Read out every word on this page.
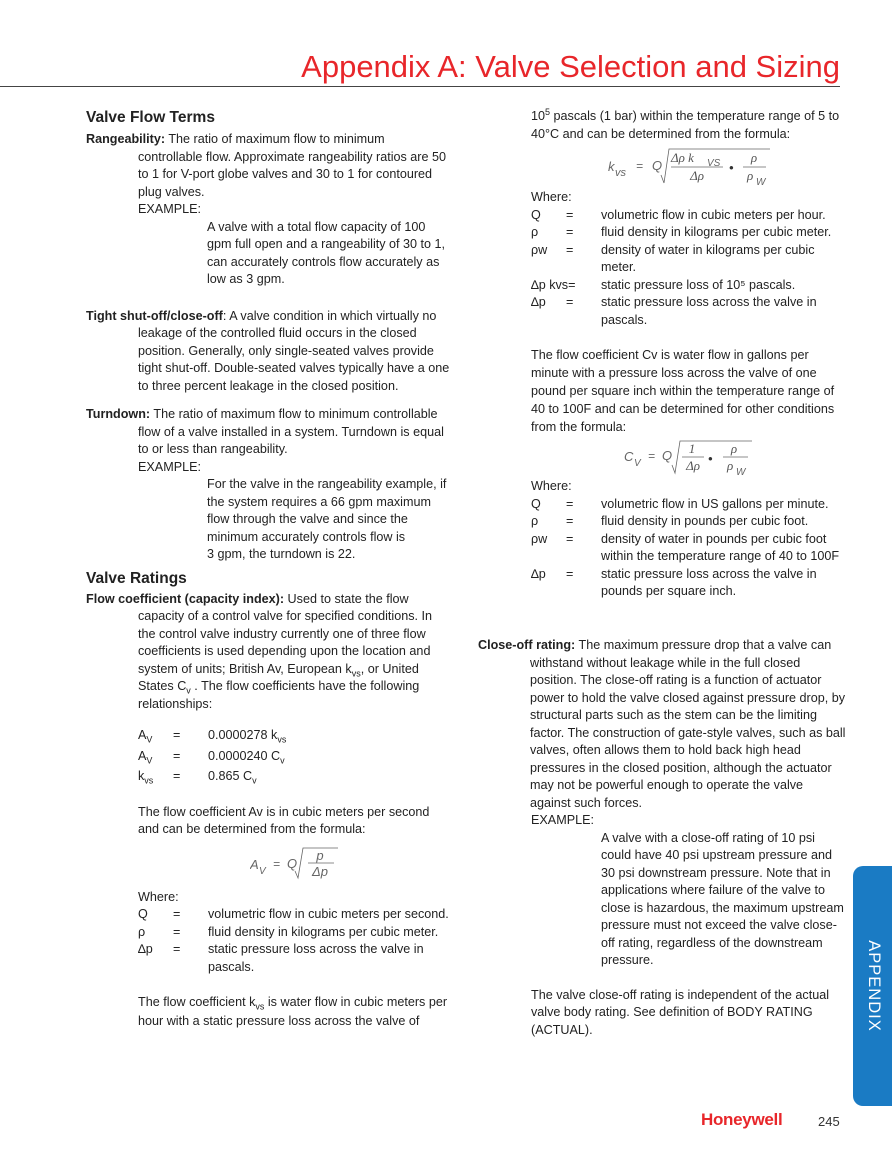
Appendix A: Valve Selection and Sizing
Valve Flow Terms
Rangeability: The ratio of maximum flow to minimum controllable flow. Approximate rangeability ratios are 50 to 1 for V-port globe valves and 30 to 1 for contoured plug valves.
EXAMPLE:
A valve with a total flow capacity of 100 gpm full open and a rangeability of 30 to 1, can accurately controls flow accurately as low as 3 gpm.
Tight shut-off/close-off: A valve condition in which virtually no leakage of the controlled fluid occurs in the closed position. Generally, only single-seated valves provide tight shut-off. Double-seated valves typically have a one to three percent leakage in the closed position.
Turndown: The ratio of maximum flow to minimum controllable flow of a valve installed in a system. Turndown is equal to or less than rangeability.
EXAMPLE:
For the valve in the rangeability example, if the system requires a 66 gpm maximum flow through the valve and since the minimum accurately controls flow is
3 gpm, the turndown is 22.
Valve Ratings
Flow coefficient (capacity index): Used to state the flow capacity of a control valve for specified conditions. In the control valve industry currently one of three flow coefficients is used depending upon the location and system of units; British Av, European $k_{vs}$, or United States $C_v$ . The flow coefficients have the following relationships:
$A_V$	=	0.0000278 $k_{vs}$
$A_V$	=	0.0000240 $C_v$
$k_{vs}$	=	0.865 $C_v$
The flow coefficient Av is in cubic meters per second and can be determined from the formula:
A V
= Q
p
Δp
Where:
Q	=	volumetric flow in cubic meters per second.
ρ	=	fluid density in kilograms per cubic meter.
∆p	=	static pressure loss across the valve in pascals.
The flow coefficient $k_{vs}$ is water flow in cubic meters per hour with a static pressure loss across the valve of
$10^5$ pascals (1 bar) within the temperature range of 5 to 40°C and can be determined from the formula:
k vs = Q
Δρ k VS
Δρ
•
ρ
ρ W
Where:
Q	=	volumetric flow in cubic meters per hour.
ρ	=	fluid density in kilograms per cubic meter.
ρw	=	density of water in kilograms per cubic meter.
∆p kvs=	static pressure loss of 10⁵ pascals.
∆p	=	static pressure loss across the valve in pascals.
The flow coefficient Cv is water flow in gallons per minute with a pressure loss across the valve of one pound per square inch within the temperature range of 40 to 100F and can be determined for other conditions from the formula:
C V
= Q 1
Δρ •
ρ
ρ W
Where:
Q	=	volumetric flow in US gallons per minute.
ρ	=	fluid density in pounds per cubic foot.
ρw	=	density of water in pounds per cubic foot within the temperature range of 40 to 100F
∆p	=	static pressure loss across the valve in pounds per square inch.
Close-off rating: The maximum pressure drop that a valve can withstand without leakage while in the full closed position. The close-off rating is a function of actuator power to hold the valve closed against pressure drop, by structural parts such as the stem can be the limiting factor. The construction of gate-style valves, such as ball valves, often allows them to hold back high head pressures in the closed position, although the actuator may not be powerful enough to operate the valve against such forces.
EXAMPLE:
A valve with a close-off rating of 10 psi could have 40 psi upstream pressure and 30 psi downstream pressure. Note that in applications where failure of the valve to close is hazardous, the maximum upstream pressure must not exceed the valve close-off rating, regardless of the downstream pressure.
The valve close-off rating is independent of the actual valve body rating. See definition of BODY RATING (ACTUAL).	APPENDIX
Honeywell	245
